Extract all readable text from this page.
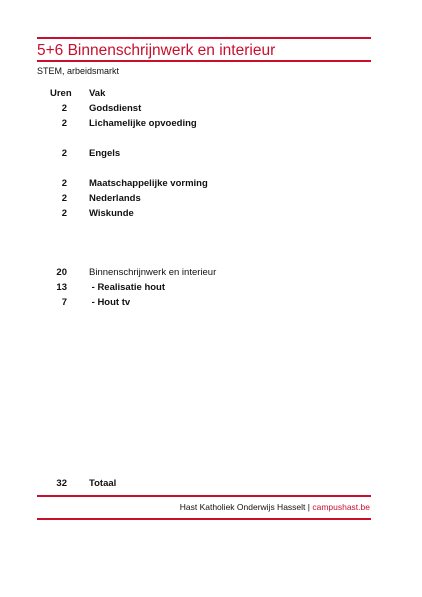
5+6 Binnenschrijnwerk en interieur
STEM, arbeidsmarkt
Uren Vak
2 Godsdienst
2 Lichamelijke opvoeding
2 Engels
2 Maatschappelijke vorming
2 Nederlands
2 Wiskunde
20 Binnenschrijnwerk en interieur
13 - Realisatie hout
7 - Hout tv
32 Totaal
Hast Katholiek Onderwijs Hasselt | campushast.be
